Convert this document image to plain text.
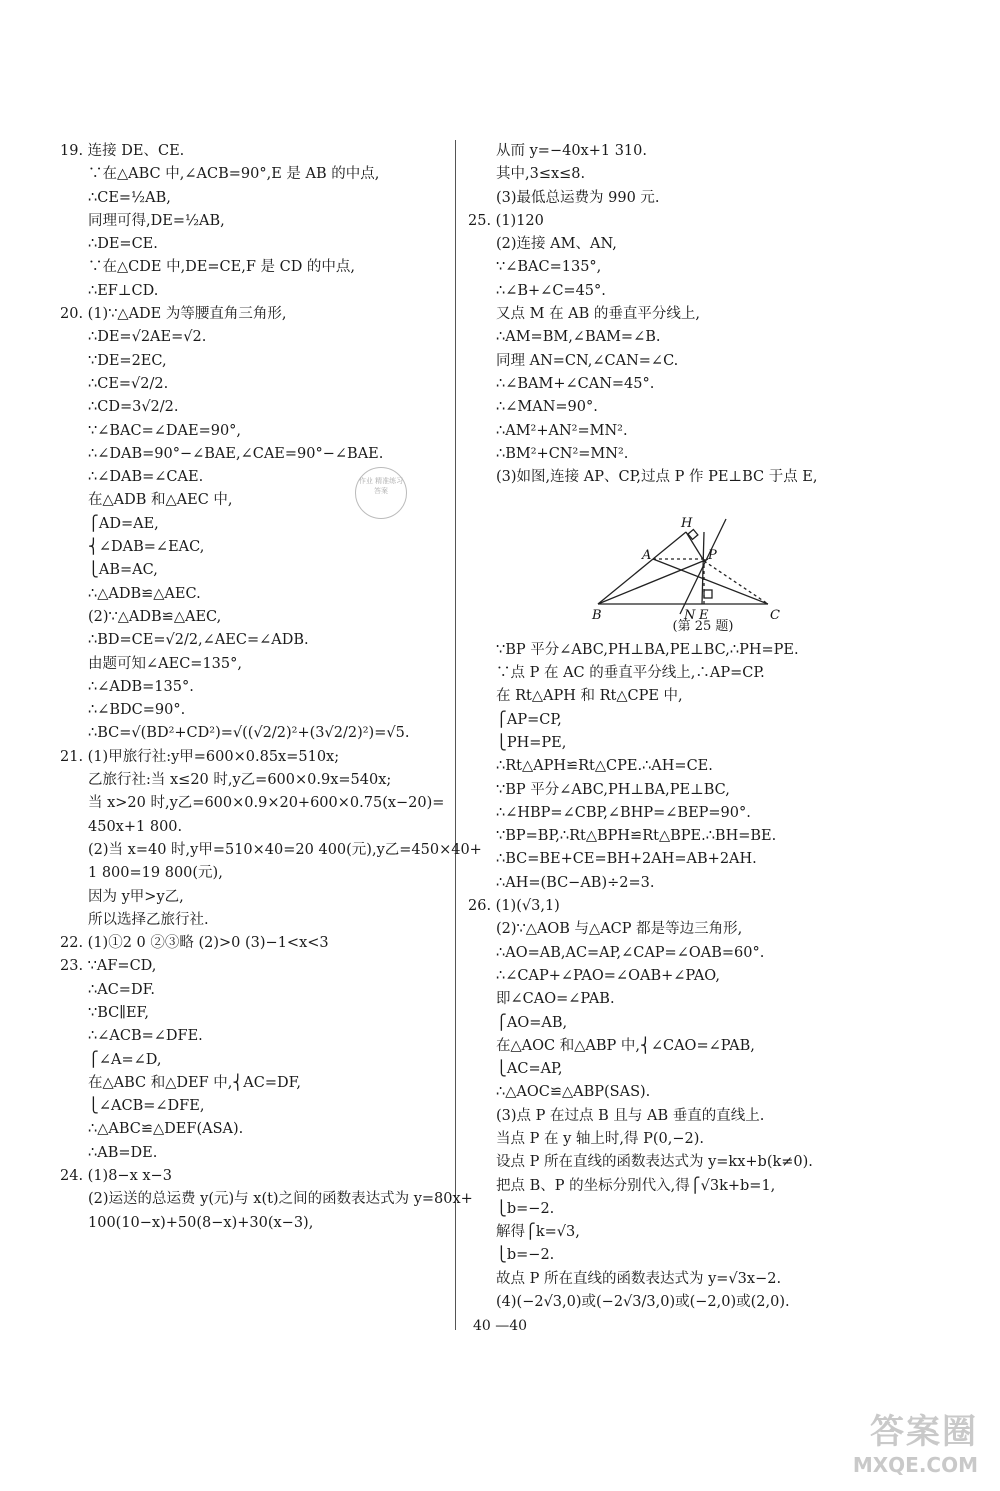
19. 连接 DE、CE.
∵在△ABC 中,∠ACB=90°,E 是 AB 的中点,
∴CE=½AB,
同理可得,DE=½AB,
∴DE=CE.
∵在△CDE 中,DE=CE,F 是 CD 的中点,
∴EF⊥CD.
20. (1)∵△ADE 为等腰直角三角形,
∴DE=√2AE=√2.
∵DE=2EC,
∴CE=√2/2.
∴CD=3√2/2.
∵∠BAC=∠DAE=90°,
∴∠DAB=90°−∠BAE,∠CAE=90°−∠BAE.
∴∠DAB=∠CAE.
在△ADB 和△AEC 中,
⎧AD=AE,
⎨∠DAB=∠EAC,
⎩AB=AC,
∴△ADB≌△AEC.
(2)∵△ADB≌△AEC,
∴BD=CE=√2/2,∠AEC=∠ADB.
由题可知∠AEC=135°,
∴∠ADB=135°.
∴∠BDC=90°.
∴BC=√(BD²+CD²)=√((√2/2)²+(3√2/2)²)=√5.
21. (1)甲旅行社:y甲=600×0.85x=510x;
乙旅行社:当 x≤20 时,y乙=600×0.9x=540x;
当 x>20 时,y乙=600×0.9×20+600×0.75(x−20)=
450x+1 800.
(2)当 x=40 时,y甲=510×40=20 400(元),y乙=450×40+
1 800=19 800(元),
因为 y甲>y乙,
所以选择乙旅行社.
22. (1)①2 0 ②③略 (2)>0 (3)−1<x<3
23. ∵AF=CD,
∴AC=DF.
∵BC∥EF,
∴∠ACB=∠DFE.
⎧∠A=∠D,
在△ABC 和△DEF 中,⎨AC=DF,
⎩∠ACB=∠DFE,
∴△ABC≌△DEF(ASA).
∴AB=DE.
24. (1)8−x x−3
(2)运送的总运费 y(元)与 x(t)之间的函数表达式为 y=80x+
100(10−x)+50(8−x)+30(x−3),
从而 y=−40x+1 310.
其中,3≤x≤8.
(3)最低总运费为 990 元.
25. (1)120
(2)连接 AM、AN,
∵∠BAC=135°,
∴∠B+∠C=45°.
又点 M 在 AB 的垂直平分线上,
∴AM=BM,∠BAM=∠B.
同理 AN=CN,∠CAN=∠C.
∴∠BAM+∠CAN=45°.
∴∠MAN=90°.
∴AM²+AN²=MN².
∴BM²+CN²=MN².
(3)如图,连接 AP、CP,过点 P 作 PE⊥BC 于点 E,
H
A	P
B	N E	C
(第 25 题)
∵BP 平分∠ABC,PH⊥BA,PE⊥BC,∴PH=PE.
∵点 P 在 AC 的垂直平分线上,∴AP=CP.
在 Rt△APH 和 Rt△CPE 中,
⎧AP=CP,
⎩PH=PE,
∴Rt△APH≌Rt△CPE.∴AH=CE.
∵BP 平分∠ABC,PH⊥BA,PE⊥BC,
∴∠HBP=∠CBP,∠BHP=∠BEP=90°.
∵BP=BP,∴Rt△BPH≌Rt△BPE.∴BH=BE.
∴BC=BE+CE=BH+2AH=AB+2AH.
∴AH=(BC−AB)÷2=3.
26. (1)(√3,1)
(2)∵△AOB 与△ACP 都是等边三角形,
∴AO=AB,AC=AP,∠CAP=∠OAB=60°.
∴∠CAP+∠PAO=∠OAB+∠PAO,
即∠CAO=∠PAB.
⎧AO=AB,
在△AOC 和△ABP 中,⎨∠CAO=∠PAB,
⎩AC=AP,
∴△AOC≌△ABP(SAS).
(3)点 P 在过点 B 且与 AB 垂直的直线上.
当点 P 在 y 轴上时,得 P(0,−2).
设点 P 所在直线的函数表达式为 y=kx+b(k≠0).
把点 B、P 的坐标分别代入,得⎧√3k+b=1,
⎩b=−2.
解得⎧k=√3,
⎩b=−2.
故点 P 所在直线的函数表达式为 y=√3x−2.
(4)(−2√3,0)或(−2√3/3,0)或(−2,0)或(2,0).
作业 精准练习 答案
40 —40
答案圈
MXQE.COM
